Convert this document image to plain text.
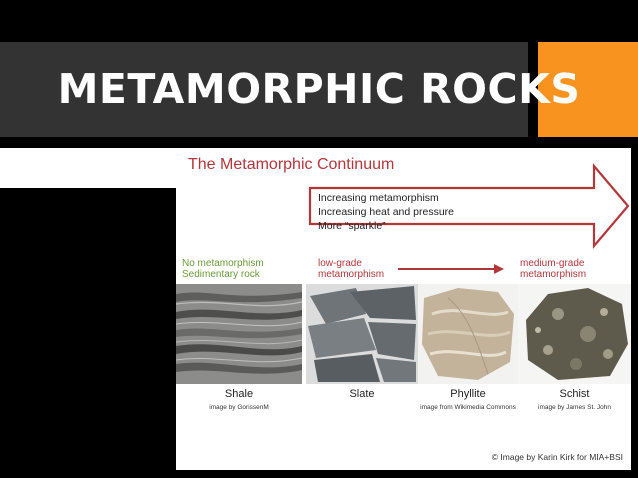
METAMORPHIC ROCKS
The Metamorphic Continuum
Increasing metamorphism
Increasing heat and pressure
More “sparkle”
No metamorphism
Sedimentary rock
low-grade
metamorphism
medium-grade
metamorphism
Shale
image by GorissenM
Slate	Phyllite
image from Wikimedia Commons
Schist
image by James St. John
© Image by Karin Kirk for MIA+BSI
